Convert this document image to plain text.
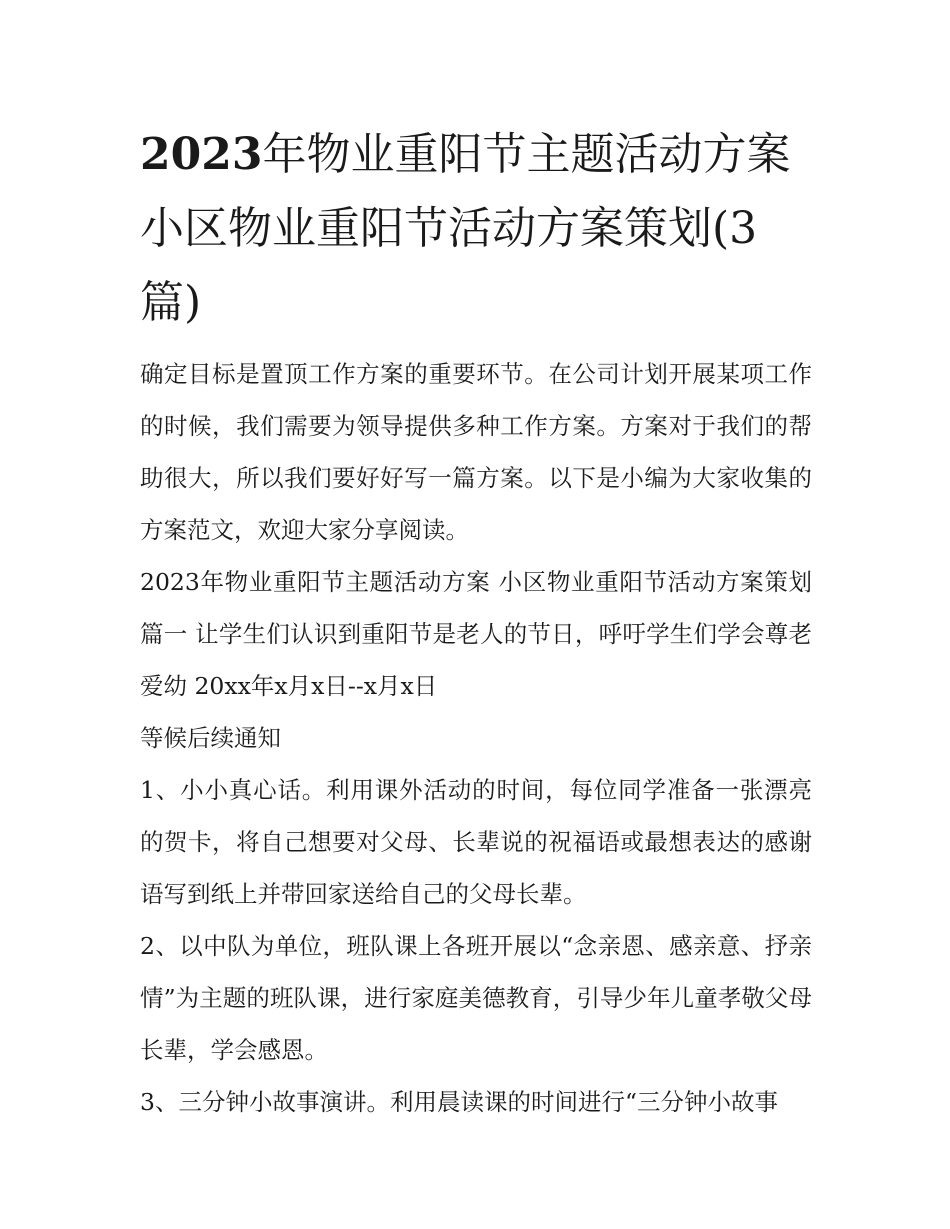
2023年物业重阳节主题活动方案 小区物业重阳节活动方案策划(3篇)

确定目标是置顶工作方案的重要环节。在公司计划开展某项工作的时候，我们需要为领导提供多种工作方案。方案对于我们的帮助很大，所以我们要好好写一篇方案。以下是小编为大家收集的方案范文，欢迎大家分享阅读。

2023年物业重阳节主题活动方案 小区物业重阳节活动方案策划篇一 让学生们认识到重阳节是老人的节日，呼吁学生们学会尊老爱幼 20xx年x月x日--x月x日

等候后续通知

1、小小真心话。利用课外活动的时间，每位同学准备一张漂亮的贺卡，将自己想要对父母、长辈说的祝福语或最想表达的感谢语写到纸上并带回家送给自己的父母长辈。

2、以中队为单位，班队课上各班开展以“念亲恩、感亲意、抒亲情”为主题的班队课，进行家庭美德教育，引导少年儿童孝敬父母长辈，学会感恩。

3、三分钟小故事演讲。利用晨读课的时间进行“三分钟小故事
